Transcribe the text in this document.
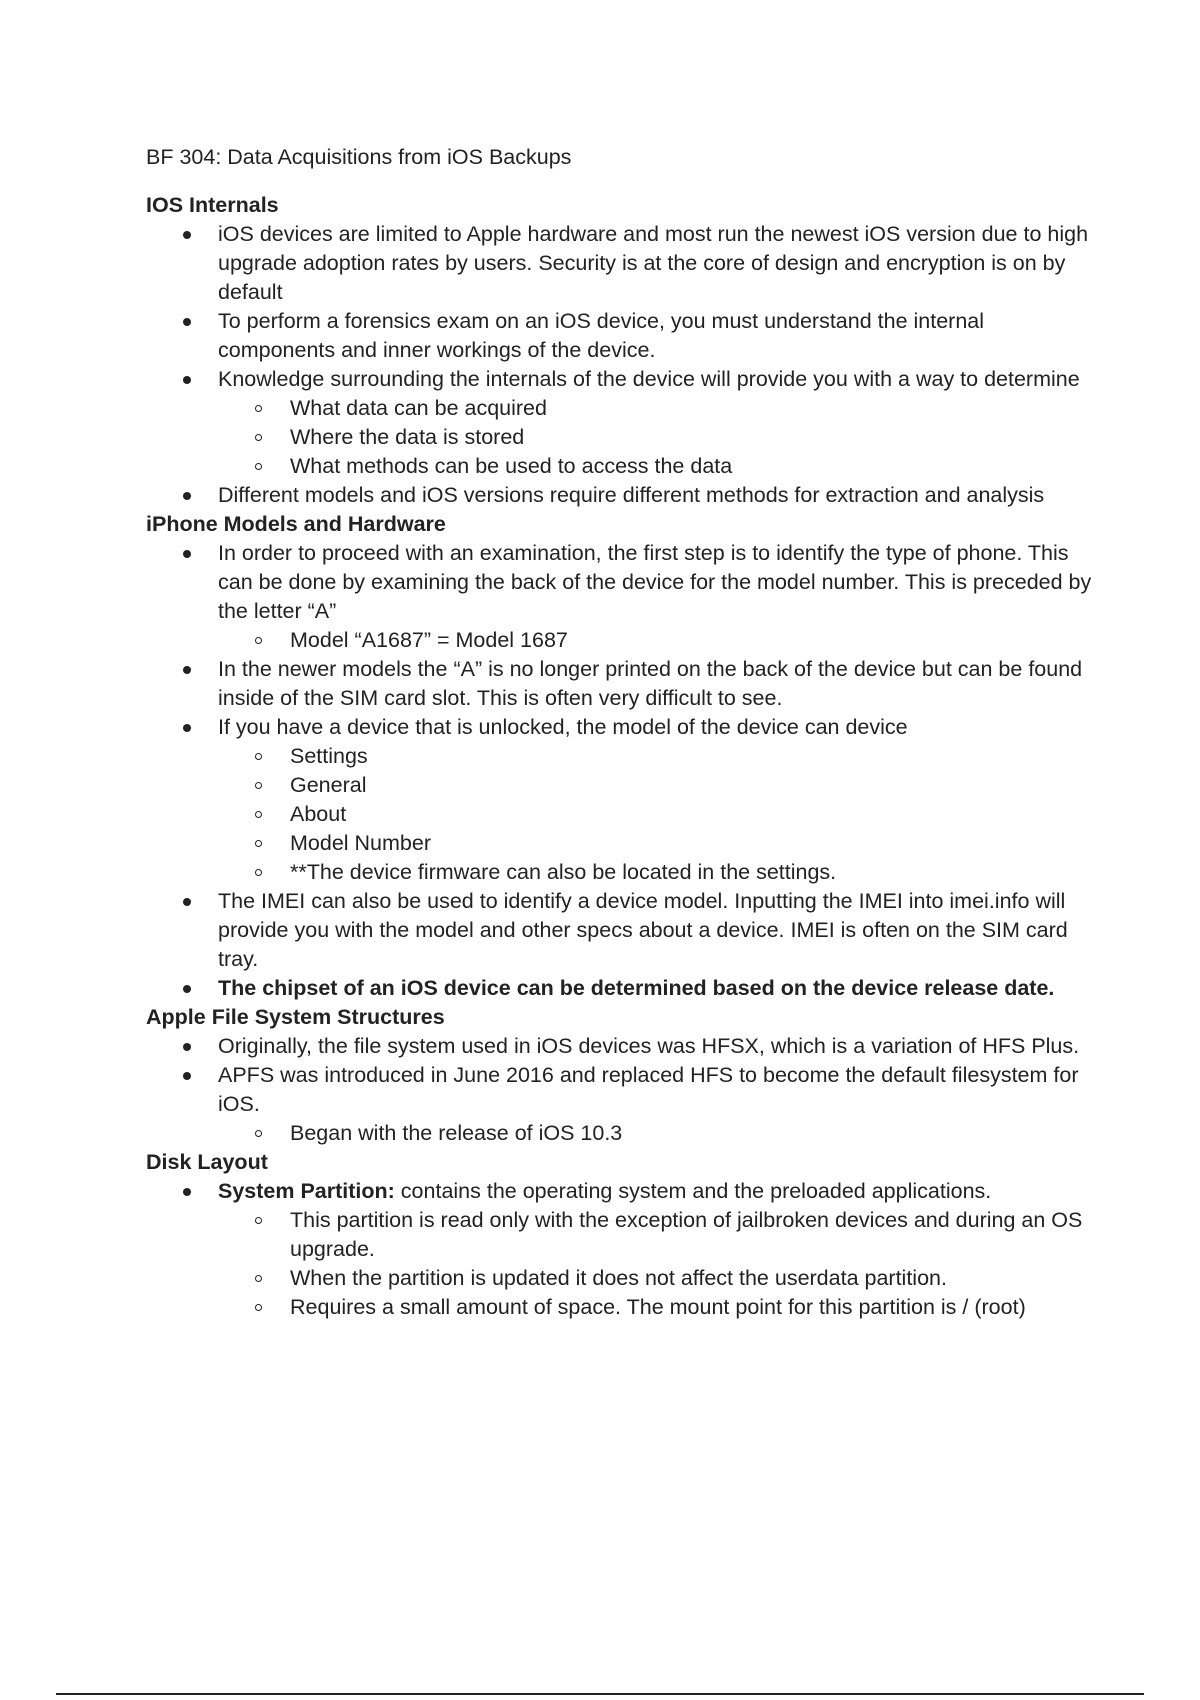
BF 304: Data Acquisitions from iOS Backups

IOS Internals

iOS devices are limited to Apple hardware and most run the newest iOS version due to high upgrade adoption rates by users. Security is at the core of design and encryption is on by default
To perform a forensics exam on an iOS device, you must understand the internal components and inner workings of the device.
Knowledge surrounding the internals of the device will provide you with a way to determine
What data can be acquired
Where the data is stored
What methods can be used to access the data
Different models and iOS versions require different methods for extraction and analysis

iPhone Models and Hardware

In order to proceed with an examination, the first step is to identify the type of phone. This can be done by examining the back of the device for the model number. This is preceded by the letter “A”
Model “A1687” = Model 1687
In the newer models the “A” is no longer printed on the back of the device but can be found inside of the SIM card slot. This is often very difficult to see.
If you have a device that is unlocked, the model of the device can device
Settings
General
About
Model Number
**The device firmware can also be located in the settings.
The IMEI can also be used to identify a device model. Inputting the IMEI into imei.info will provide you with the model and other specs about a device. IMEI is often on the SIM card tray.
The chipset of an iOS device can be determined based on the device release date.

Apple File System Structures

Originally, the file system used in iOS devices was HFSX, which is a variation of HFS Plus.
APFS was introduced in June 2016 and replaced HFS to become the default filesystem for iOS.
Began with the release of iOS 10.3

Disk Layout

System Partition: contains the operating system and the preloaded applications.
This partition is read only with the exception of jailbroken devices and during an OS upgrade.
When the partition is updated it does not affect the userdata partition.
Requires a small amount of space. The mount point for this partition is / (root)
